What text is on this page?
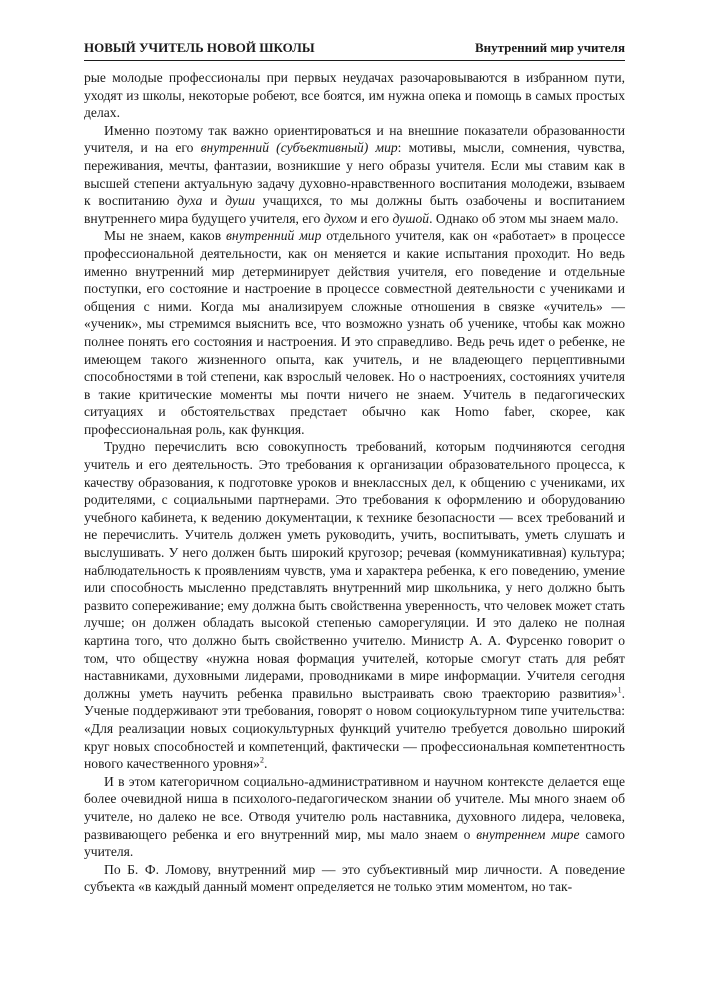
НОВЫЙ УЧИТЕЛЬ НОВОЙ ШКОЛЫ	Внутренний мир учителя

рые молодые профессионалы при первых неудачах разочаровываются в избранном пути, уходят из школы, некоторые робеют, все боятся, им нужна опека и помощь в самых простых делах.

Именно поэтому так важно ориентироваться и на внешние показатели образованности учителя, и на его внутренний (субъективный) мир: мотивы, мысли, сомнения, чувства, переживания, мечты, фантазии, возникшие у него образы учителя. Если мы ставим как в высшей степени актуальную задачу духовно-нравственного воспитания молодежи, взываем к воспитанию духа и души учащихся, то мы должны быть озабочены и воспитанием внутреннего мира будущего учителя, его духом и его душой. Однако об этом мы знаем мало.

Мы не знаем, каков внутренний мир отдельного учителя, как он «работает» в процессе профессиональной деятельности, как он меняется и какие испытания проходит. Но ведь именно внутренний мир детерминирует действия учителя, его поведение и отдельные поступки, его состояние и настроение в процессе совместной деятельности с учениками и общения с ними. Когда мы анализируем сложные отношения в связке «учитель» — «ученик», мы стремимся выяснить все, что возможно узнать об ученике, чтобы как можно полнее понять его состояния и настроения. И это справедливо. Ведь речь идет о ребенке, не имеющем такого жизненного опыта, как учитель, и не владеющего перцептивными способностями в той степени, как взрослый человек. Но о настроениях, состояниях учителя в такие критические моменты мы почти ничего не знаем. Учитель в педагогических ситуациях и обстоятельствах предстает обычно как Homo faber, скорее, как профессиональная роль, как функция.

Трудно перечислить всю совокупность требований, которым подчиняются сегодня учитель и его деятельность. Это требования к организации образовательного процесса, к качеству образования, к подготовке уроков и внеклассных дел, к общению с учениками, их родителями, с социальными партнерами. Это требования к оформлению и оборудованию учебного кабинета, к ведению документации, к технике безопасности — всех требований и не перечислить. Учитель должен уметь руководить, учить, воспитывать, уметь слушать и выслушивать. У него должен быть широкий кругозор; речевая (коммуникативная) культура; наблюдательность к проявлениям чувств, ума и характера ребенка, к его поведению, умение или способность мысленно представлять внутренний мир школьника, у него должно быть развито сопереживание; ему должна быть свойственна уверенность, что человек может стать лучше; он должен обладать высокой степенью саморегуляции. И это далеко не полная картина того, что должно быть свойственно учителю. Министр А. А. Фурсенко говорит о том, что обществу «нужна новая формация учителей, которые смогут стать для ребят наставниками, духовными лидерами, проводниками в мире информации. Учителя сегодня должны уметь научить ребенка правильно выстраивать свою траекторию развития»$^1$. Ученые поддерживают эти требования, говорят о новом социокультурном типе учительства: «Для реализации новых социокультурных функций учителю требуется довольно широкий круг новых способностей и компетенций, фактически — профессиональная компетентность нового качественного уровня»$^2$.

И в этом категоричном социально-административном и научном контексте делается еще более очевидной ниша в психолого-педагогическом знании об учителе. Мы много знаем об учителе, но далеко не все. Отводя учителю роль наставника, духовного лидера, человека, развивающего ребенка и его внутренний мир, мы мало знаем о внутреннем мире самого учителя.

По Б. Ф. Ломову, внутренний мир — это субъективный мир личности. А поведение субъекта «в каждый данный момент определяется не только этим моментом, но так-
